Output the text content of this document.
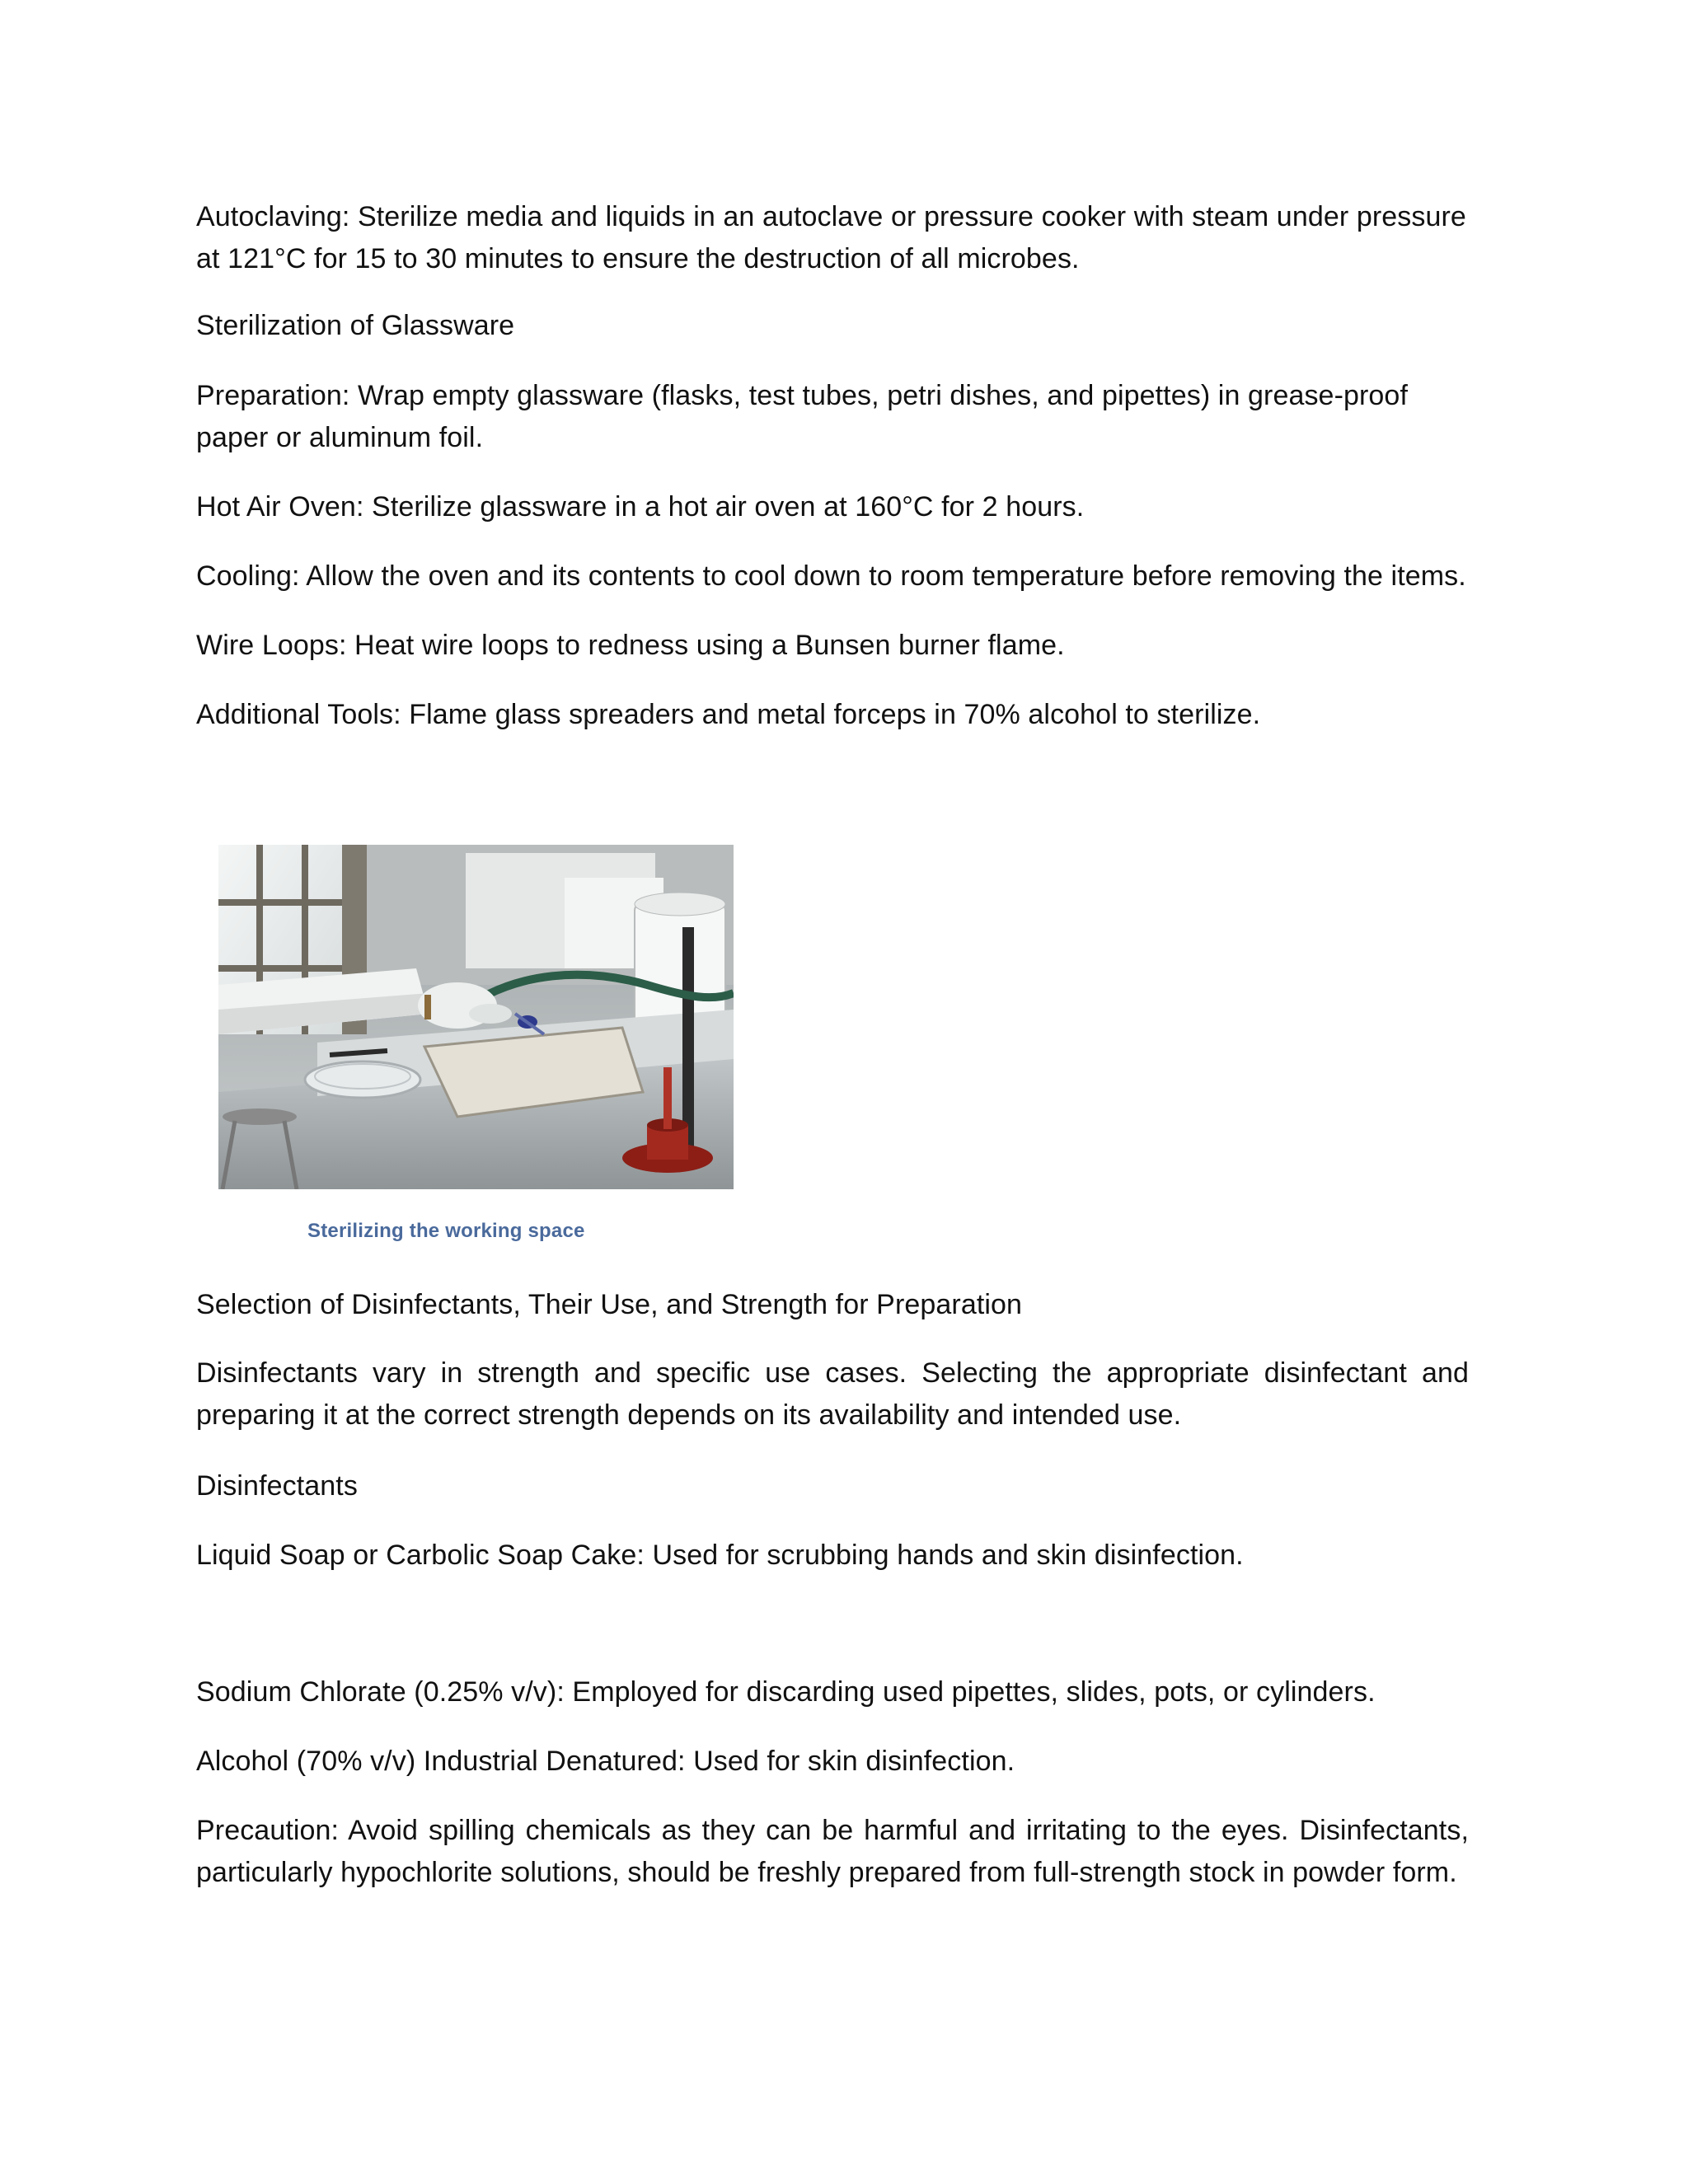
Autoclaving: Sterilize media and liquids in an autoclave or pressure cooker with steam under pressure at 121°C for 15 to 30 minutes to ensure the destruction of all microbes.

Sterilization of Glassware

Preparation: Wrap empty glassware (flasks, test tubes, petri dishes, and pipettes) in grease-proof paper or aluminum foil.

Hot Air Oven: Sterilize glassware in a hot air oven at 160°C for 2 hours.

Cooling: Allow the oven and its contents to cool down to room temperature before removing the items.

Wire Loops: Heat wire loops to redness using a Bunsen burner flame.

Additional Tools: Flame glass spreaders and metal forceps in 70% alcohol to sterilize.

Sterilizing the working space

Selection of Disinfectants, Their Use, and Strength for Preparation

Disinfectants vary in strength and specific use cases. Selecting the appropriate disinfectant and preparing it at the correct strength depends on its availability and intended use.

Disinfectants

Liquid Soap or Carbolic Soap Cake: Used for scrubbing hands and skin disinfection.

Sodium Chlorate (0.25% v/v): Employed for discarding used pipettes, slides, pots, or cylinders.

Alcohol (70% v/v) Industrial Denatured: Used for skin disinfection.

Precaution: Avoid spilling chemicals as they can be harmful and irritating to the eyes. Disinfectants, particularly hypochlorite solutions, should be freshly prepared from full-strength stock in powder form.
